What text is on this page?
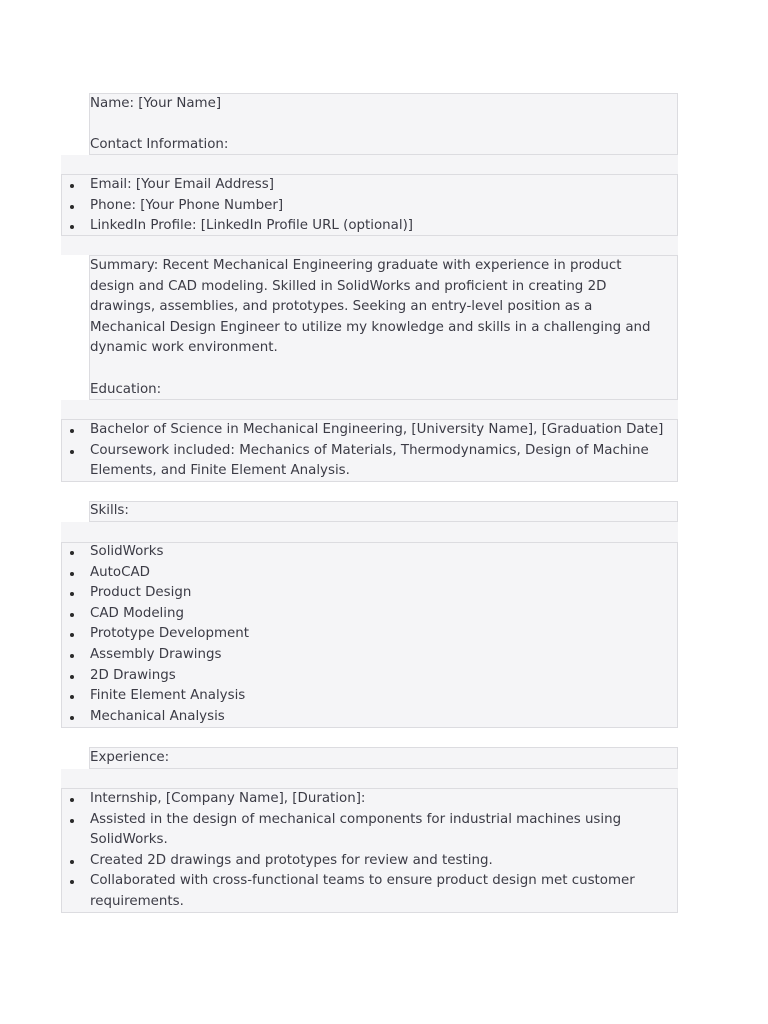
Name: [Your Name]
Contact Information:
Email: [Your Email Address]
Phone: [Your Phone Number]
LinkedIn Profile: [LinkedIn Profile URL (optional)]
Summary: Recent Mechanical Engineering graduate with experience in product design and CAD modeling. Skilled in SolidWorks and proficient in creating 2D drawings, assemblies, and prototypes. Seeking an entry-level position as a Mechanical Design Engineer to utilize my knowledge and skills in a challenging and dynamic work environment.
Education:
Bachelor of Science in Mechanical Engineering, [University Name], [Graduation Date]
Coursework included: Mechanics of Materials, Thermodynamics, Design of Machine Elements, and Finite Element Analysis.
Skills:
SolidWorks
AutoCAD
Product Design
CAD Modeling
Prototype Development
Assembly Drawings
2D Drawings
Finite Element Analysis
Mechanical Analysis
Experience:
Internship, [Company Name], [Duration]:
Assisted in the design of mechanical components for industrial machines using SolidWorks.
Created 2D drawings and prototypes for review and testing.
Collaborated with cross-functional teams to ensure product design met customer requirements.
